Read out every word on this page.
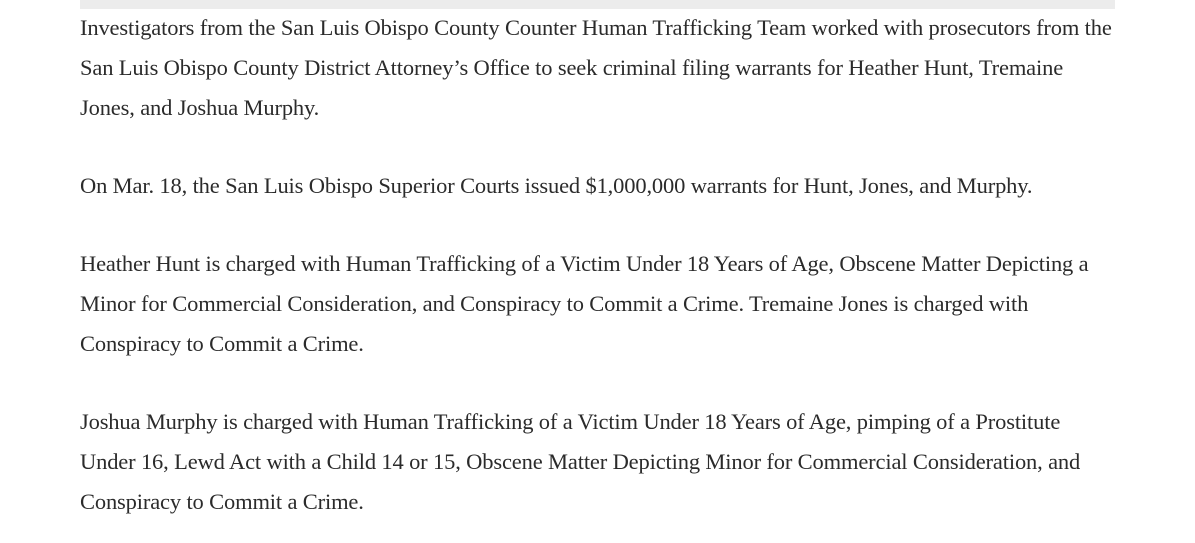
Investigators from the San Luis Obispo County Counter Human Trafficking Team worked with prosecutors from the San Luis Obispo County District Attorney’s Office to seek criminal filing warrants for Heather Hunt, Tremaine Jones, and Joshua Murphy.

On Mar. 18, the San Luis Obispo Superior Courts issued $1,000,000 warrants for Hunt, Jones, and Murphy.

Heather Hunt is charged with Human Trafficking of a Victim Under 18 Years of Age, Obscene Matter Depicting a Minor for Commercial Consideration, and Conspiracy to Commit a Crime. Tremaine Jones is charged with Conspiracy to Commit a Crime.

Joshua Murphy is charged with Human Trafficking of a Victim Under 18 Years of Age, pimping of a Prostitute Under 16, Lewd Act with a Child 14 or 15, Obscene Matter Depicting Minor for Commercial Consideration, and Conspiracy to Commit a Crime.
